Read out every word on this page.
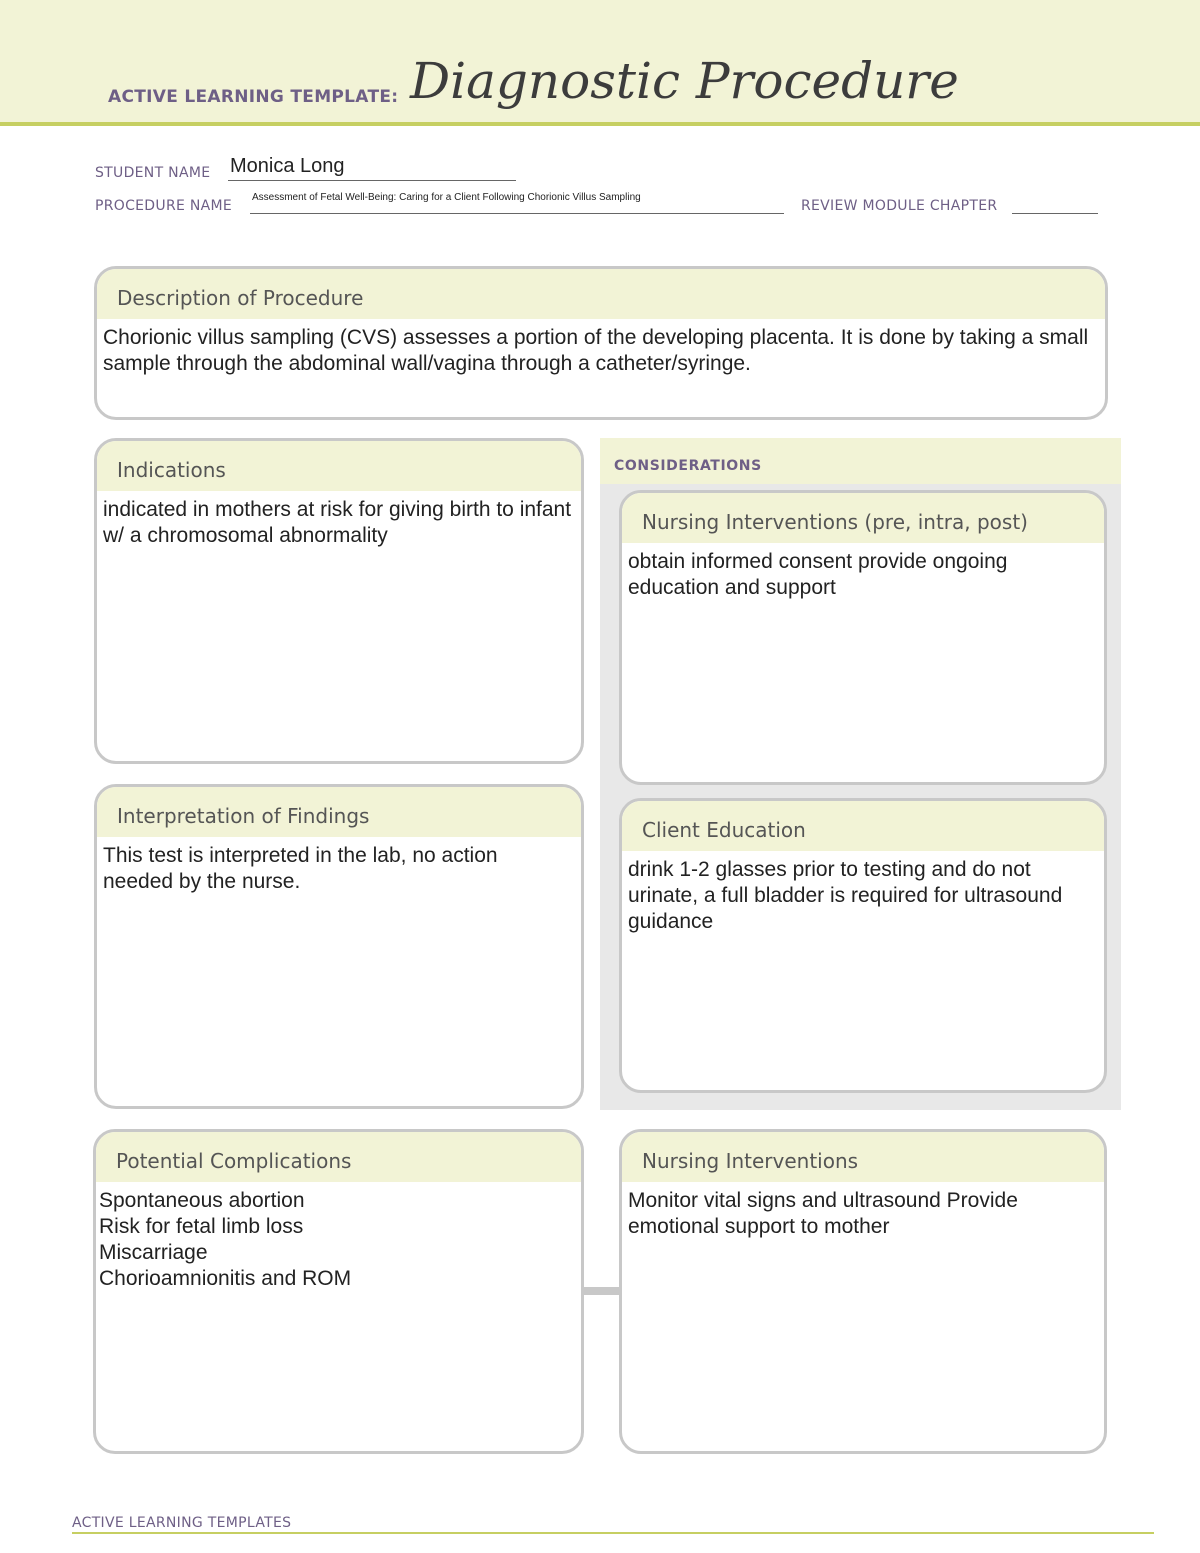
ACTIVE LEARNING TEMPLATE: Diagnostic Procedure
STUDENT NAME Monica Long
PROCEDURE NAME
Assessment of Fetal Well-Being: Caring for a Client Following Chorionic Villus Sampling
REVIEW MODULE CHAPTER
Description of Procedure
Chorionic villus sampling (CVS) assesses a portion of the developing placenta. It is done by taking a small sample through the abdominal wall/vagina through a catheter/syringe.
Indications
indicated in mothers at risk for giving birth to infant w/ a chromosomal abnormality
CONSIDERATIONS
Nursing Interventions (pre, intra, post)
obtain informed consent provide ongoing education and support
Client Education
drink 1-2 glasses prior to testing and do not urinate, a full bladder is required for ultrasound guidance
Interpretation of Findings
This test is interpreted in the lab, no action needed by the nurse.
Potential Complications
Spontaneous abortion
Risk for fetal limb loss
Miscarriage
Chorioamnionitis and ROM
Nursing Interventions
Monitor vital signs and ultrasound Provide emotional support to mother
ACTIVE LEARNING TEMPLATES
